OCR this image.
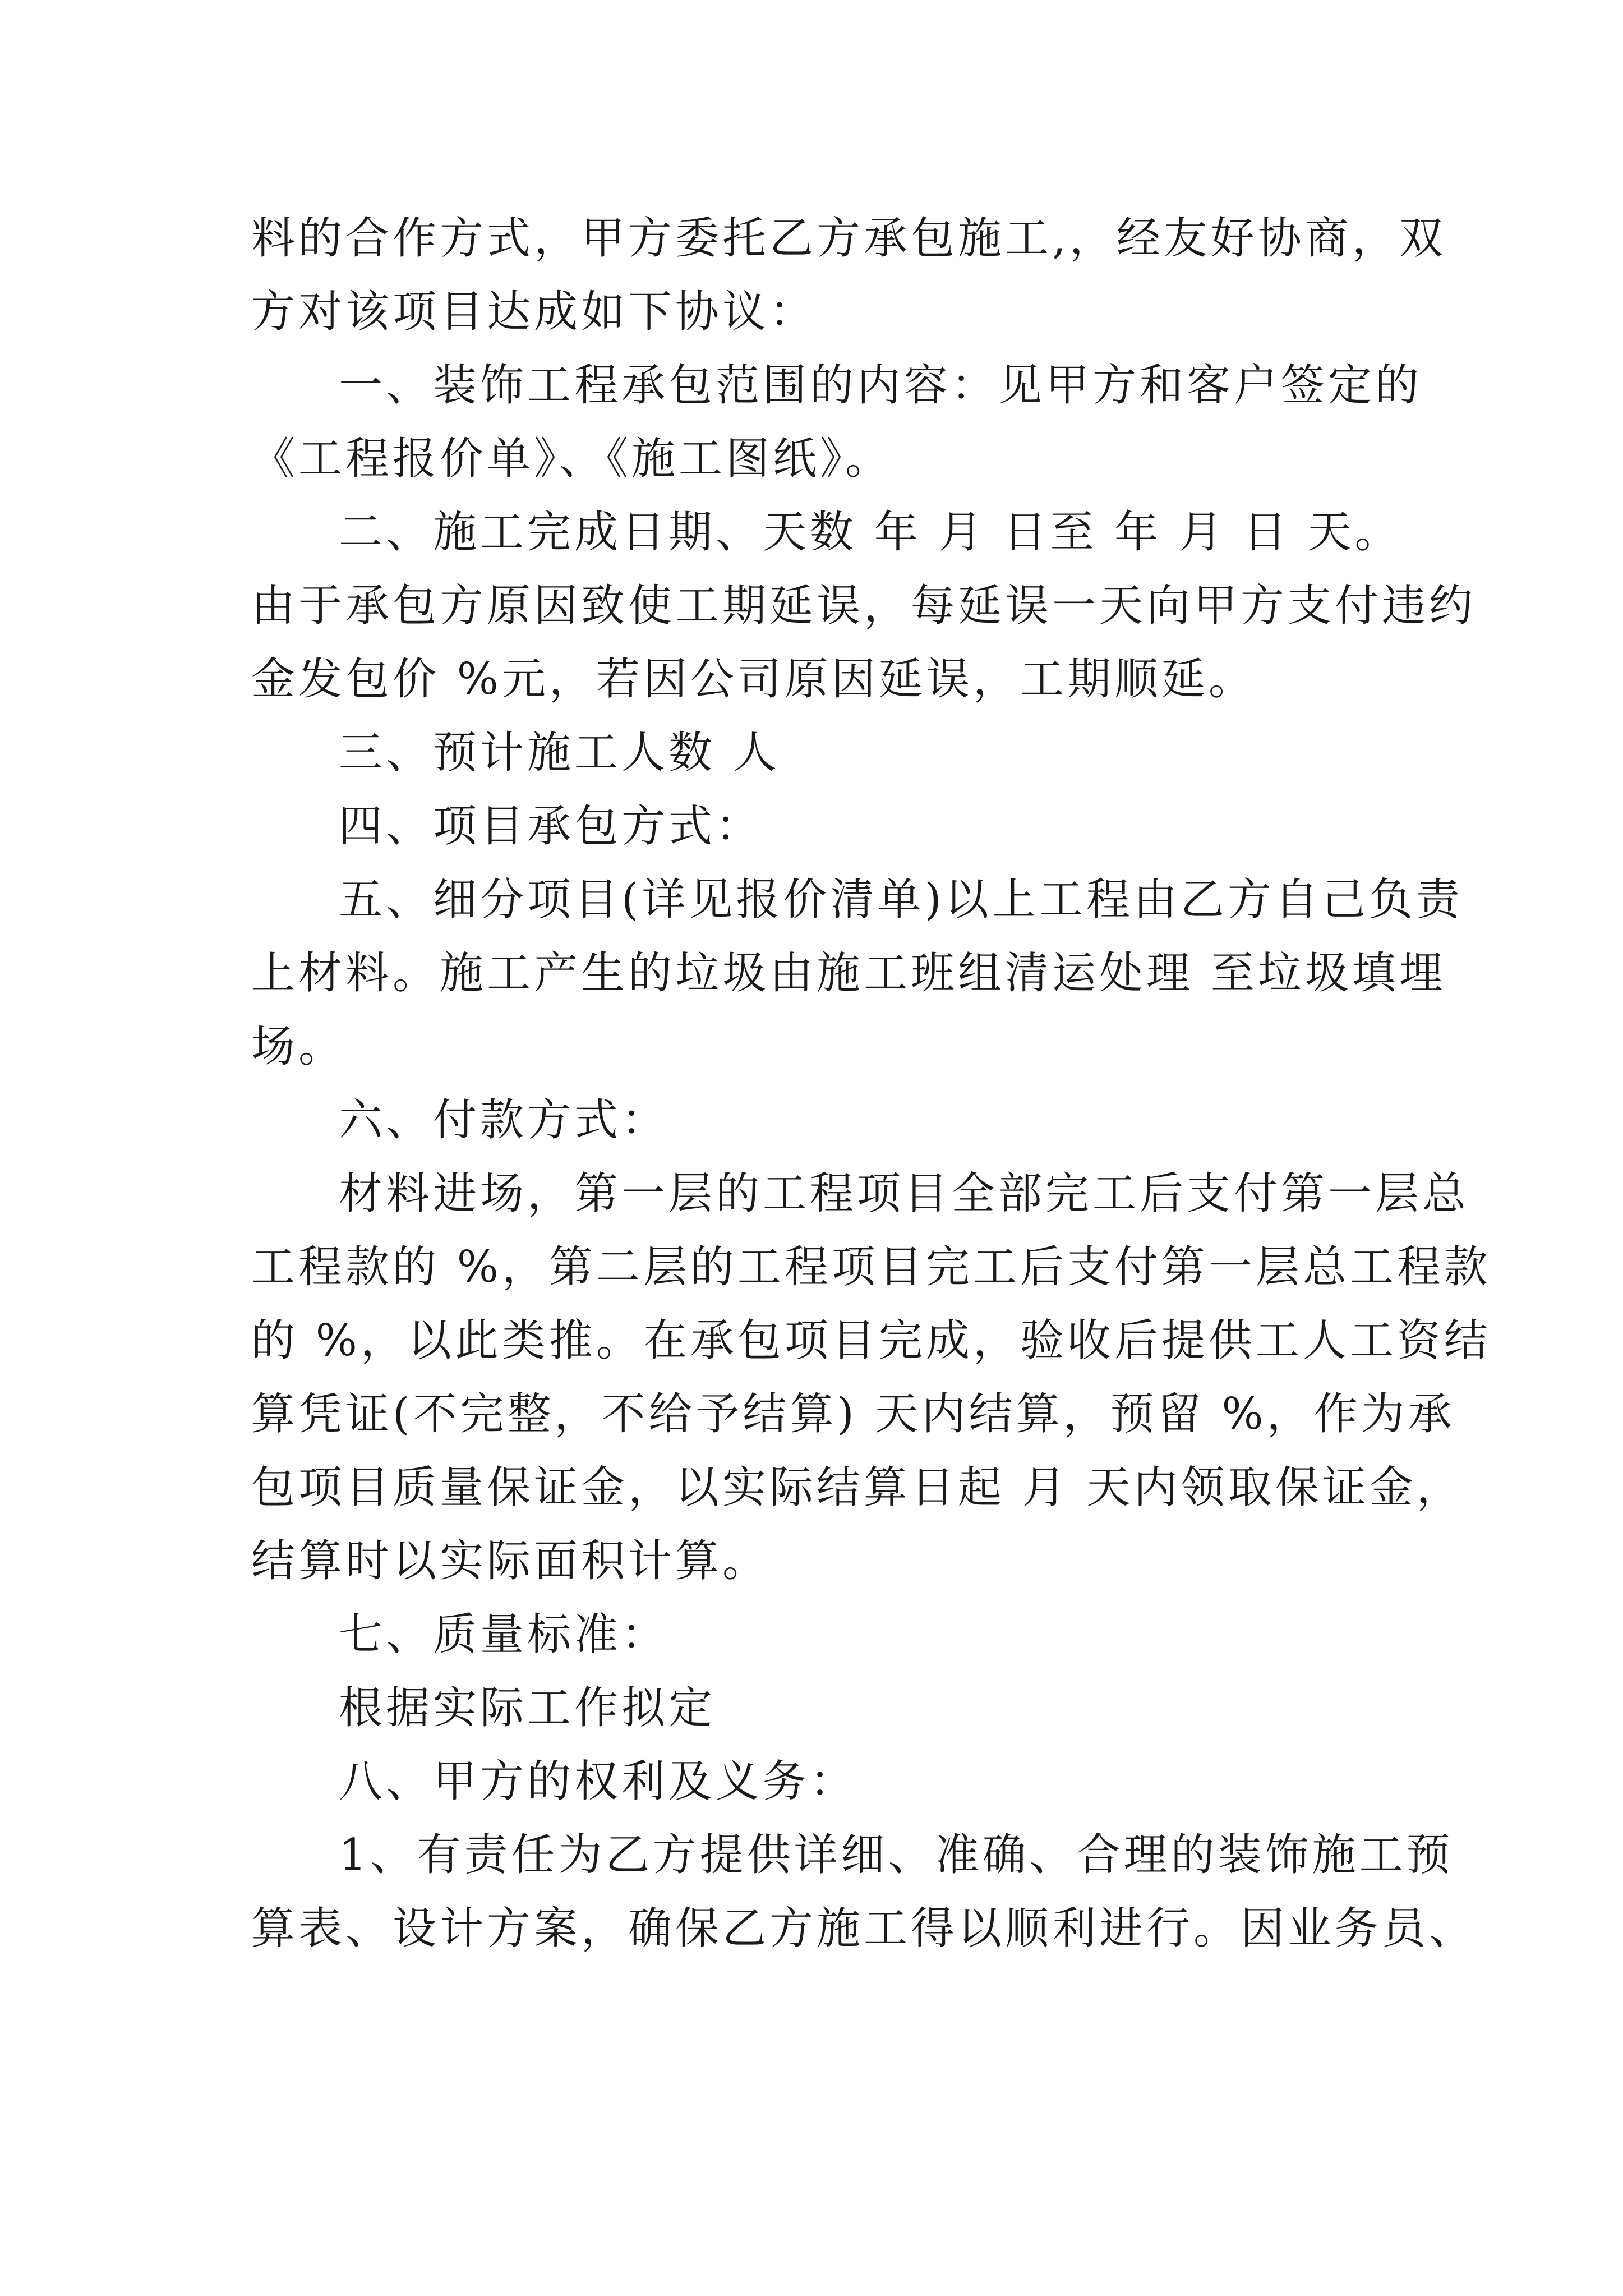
料的合作方式，甲方委托乙方承包施工,，经友好协商，双
方对该项目达成如下协议：
一、装饰工程承包范围的内容：见甲方和客户签定的
《工程报价单》、《施工图纸》。
二、施工完成日期、天数 年 月 日至 年 月 日 天。
由于承包方原因致使工期延误，每延误一天向甲方支付违约
金发包价 %元，若因公司原因延误，工期顺延。
三、预计施工人数 人
四、项目承包方式：
五、细分项目(详见报价清单)以上工程由乙方自己负责
上材料。施工产生的垃圾由施工班组清运处理 至垃圾填埋
场。
六、付款方式：
材料进场，第一层的工程项目全部完工后支付第一层总
工程款的 %，第二层的工程项目完工后支付第一层总工程款
的 %，以此类推。在承包项目完成，验收后提供工人工资结
算凭证(不完整，不给予结算) 天内结算，预留 %，作为承
包项目质量保证金，以实际结算日起 月 天内领取保证金，
结算时以实际面积计算。
七、质量标准：
根据实际工作拟定
八、甲方的权利及义务：
1、有责任为乙方提供详细、准确、合理的装饰施工预
算表、设计方案，确保乙方施工得以顺利进行。因业务员、
